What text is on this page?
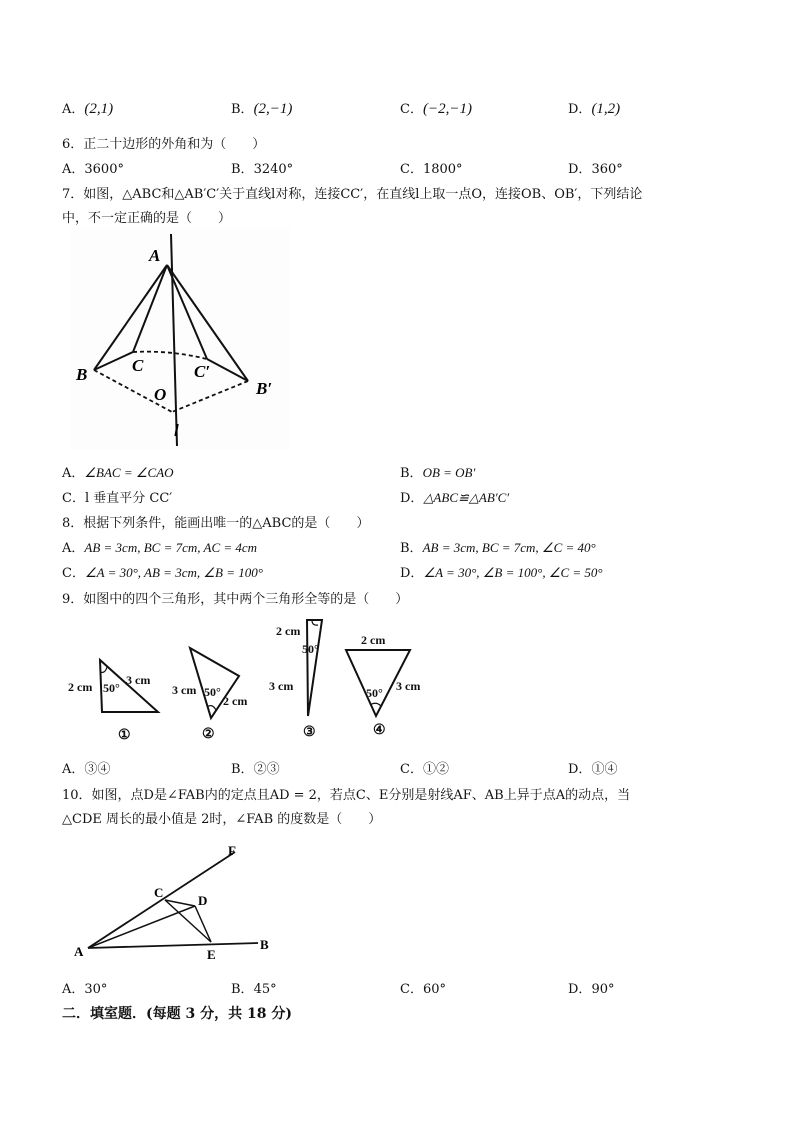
A．(2,1)	B．(2,−1)	C．(−2,−1)	D．(1,2)
6．正二十边形的外角和为（　　）
A．3600°	B．3240°	C．1800°	D．360°
7．如图，△ABC和△AB′C′关于直线l对称，连接CC′，在直线l上取一点O，连接OB、OB′，下列结论
中，不一定正确的是（　　）
A
B	C	C′
B′
O
l
A．∠BAC = ∠CAO	B．OB = OB′
C．l 垂直平分 CC′	D．△ABC≌△AB′C′
8．根据下列条件，能画出唯一的△ABC的是（　　）
A．AB = 3cm, BC = 7cm, AC = 4cm	B．AB = 3cm, BC = 7cm, ∠C = 40°
C．∠A = 30°, AB = 3cm, ∠B = 100°	D．∠A = 30°, ∠B = 100°, ∠C = 50°
9．如图中的四个三角形，其中两个三角形全等的是（　　）
2 cm	3 cm
50°
①
3 cm
2 cm
50°
②
2 cm
3 cm
50°
③
2 cm
3 cm
50°
④
A．③④	B．②③	C．①②	D．①④
10．如图，点D是∠FAB内的定点且AD = 2，若点C、E分别是射线AF、AB上异于点A的动点，当
△CDE 周长的最小值是 2时，∠FAB 的度数是（　　）
F
C
D
A	E
B
A．30°	B．45°	C．60°	D．90°
二．填室题．(每题 3 分，共 18 分)
